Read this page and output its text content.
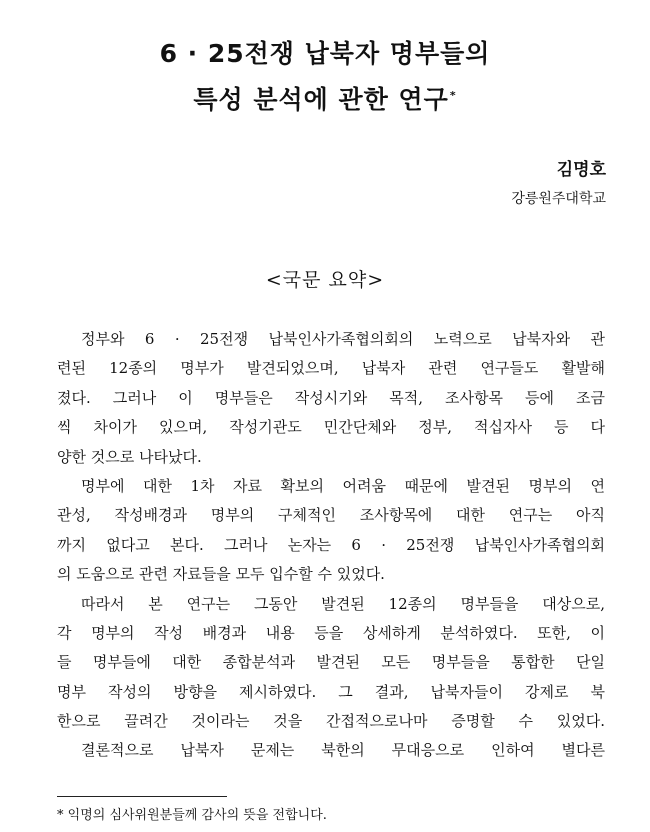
6 · 25전쟁 납북자 명부들의
특성 분석에 관한 연구*
김명호
강릉원주대학교
<국문 요약>
정부와 6 · 25전쟁 납북인사가족협의회의 노력으로 납북자와 관
련된 12종의 명부가 발견되었으며, 납북자 관련 연구들도 활발해
졌다. 그러나 이 명부들은 작성시기와 목적, 조사항목 등에 조금
씩 차이가 있으며, 작성기관도 민간단체와 정부, 적십자사 등 다
양한 것으로 나타났다.
명부에 대한 1차 자료 확보의 어려움 때문에 발견된 명부의 연
관성, 작성배경과 명부의 구체적인 조사항목에 대한 연구는 아직
까지 없다고 본다. 그러나 논자는 6 · 25전쟁 납북인사가족협의회
의 도움으로 관련 자료들을 모두 입수할 수 있었다.
따라서 본 연구는 그동안 발견된 12종의 명부들을 대상으로,
각 명부의 작성 배경과 내용 등을 상세하게 분석하였다. 또한, 이
들 명부들에 대한 종합분석과 발견된 모든 명부들을 통합한 단일
명부 작성의 방향을 제시하였다. 그 결과, 납북자들이 강제로 북
한으로 끌려간 것이라는 것을 간접적으로나마 증명할 수 있었다.
결론적으로 납북자 문제는 북한의 무대응으로 인하여 별다른
* 익명의 심사위원분들께 감사의 뜻을 전합니다.
